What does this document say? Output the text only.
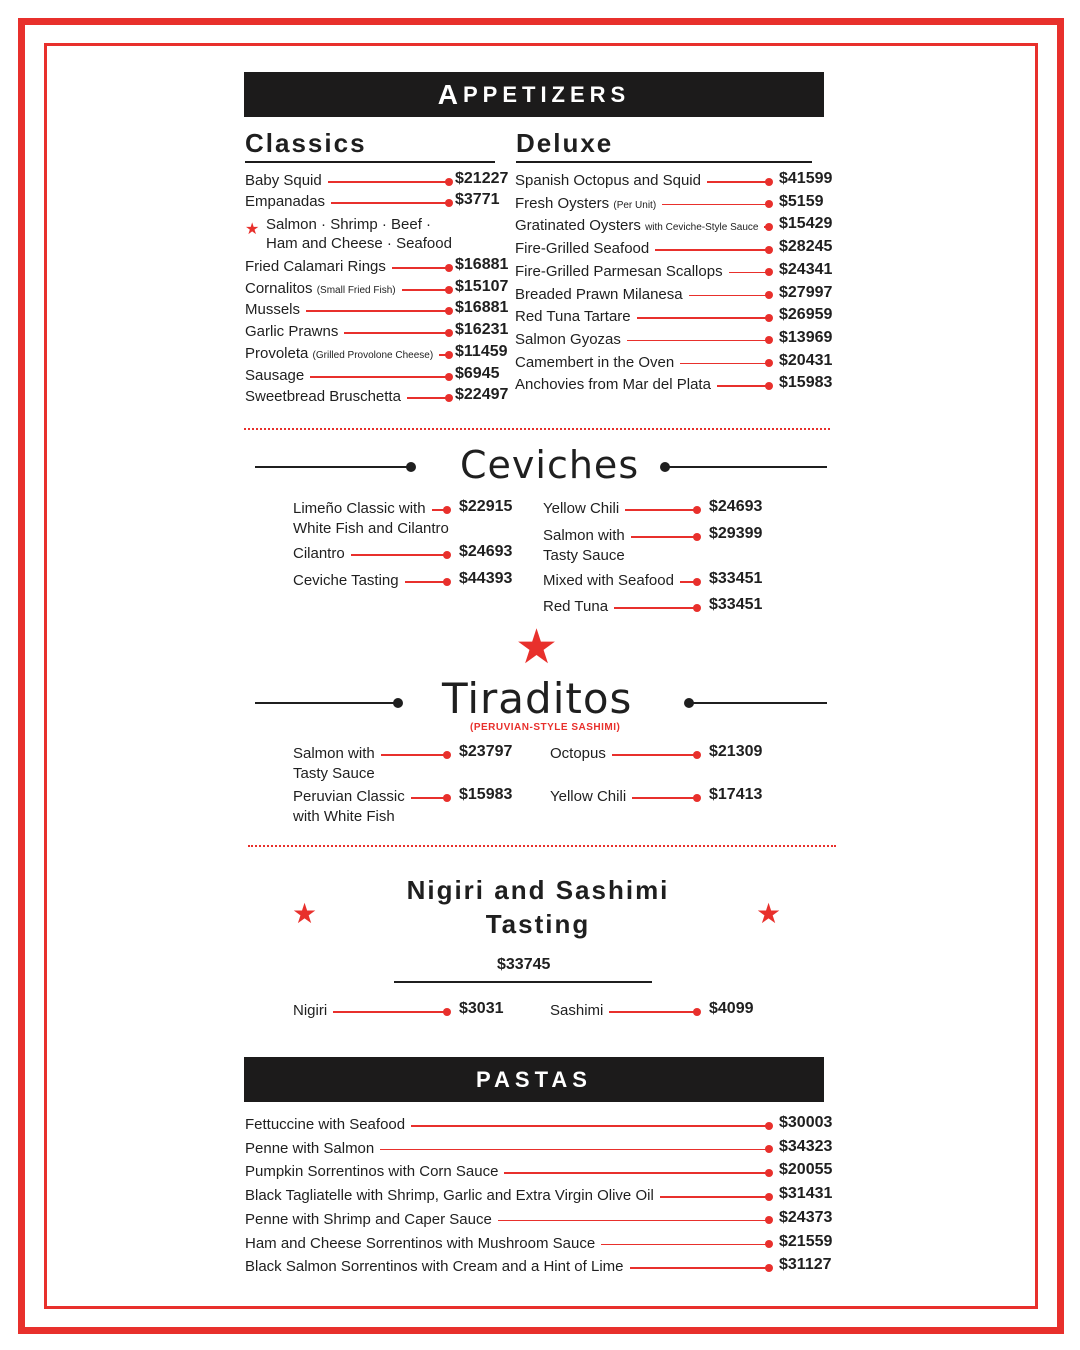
A PPETIZERS
Classics	Deluxe
Baby Squid	$21227
Empanadas	$3771
Fried Calamari Rings	$16881
Cornalitos (Small Fried Fish)	$15107
Mussels	$16881
Garlic Prawns	$16231
Provoleta (Grilled Provolone Cheese)	$11459
Sausage	$6945
Sweetbread Bruschetta	$22497
★ Salmon · Shrimp · Beef ·
Ham and Cheese · Seafood
Spanish Octopus and Squid	$41599
Fresh Oysters (Per Unit)	$5159
Gratinated Oysters with Ceviche-Style Sauce	$15429
Fire-Grilled Seafood	$28245
Fire-Grilled Parmesan Scallops	$24341
Breaded Prawn Milanesa	$27997
Red Tuna Tartare	$26959
Salmon Gyozas	$13969
Camembert in the Oven	$20431
Anchovies from Mar del Plata	$15983
Ceviches
Limeño Classic with	$22915
White Fish and Cilantro
Cilantro	$24693
Ceviche Tasting	$44393
Yellow Chili	$24693
Salmon with	$29399
Tasty Sauce
Mixed with Seafood	$33451
Red Tuna	$33451
★
Tiraditos
(PERUVIAN-STYLE SASHIMI)
Salmon with	$23797
Tasty Sauce
Peruvian Classic	$15983
with White Fish
Octopus	$21309
Yellow Chili	$17413
★
Nigiri and Sashimi
Tasting	★
$33745
Nigiri	$3031	Sashimi	$4099
PASTAS
Fettuccine with Seafood	$30003
Penne with Salmon	$34323
Pumpkin Sorrentinos with Corn Sauce	$20055
Black Tagliatelle with Shrimp, Garlic and Extra Virgin Olive Oil	$31431
Penne with Shrimp and Caper Sauce	$24373
Ham and Cheese Sorrentinos with Mushroom Sauce	$21559
Black Salmon Sorrentinos with Cream and a Hint of Lime	$31127
